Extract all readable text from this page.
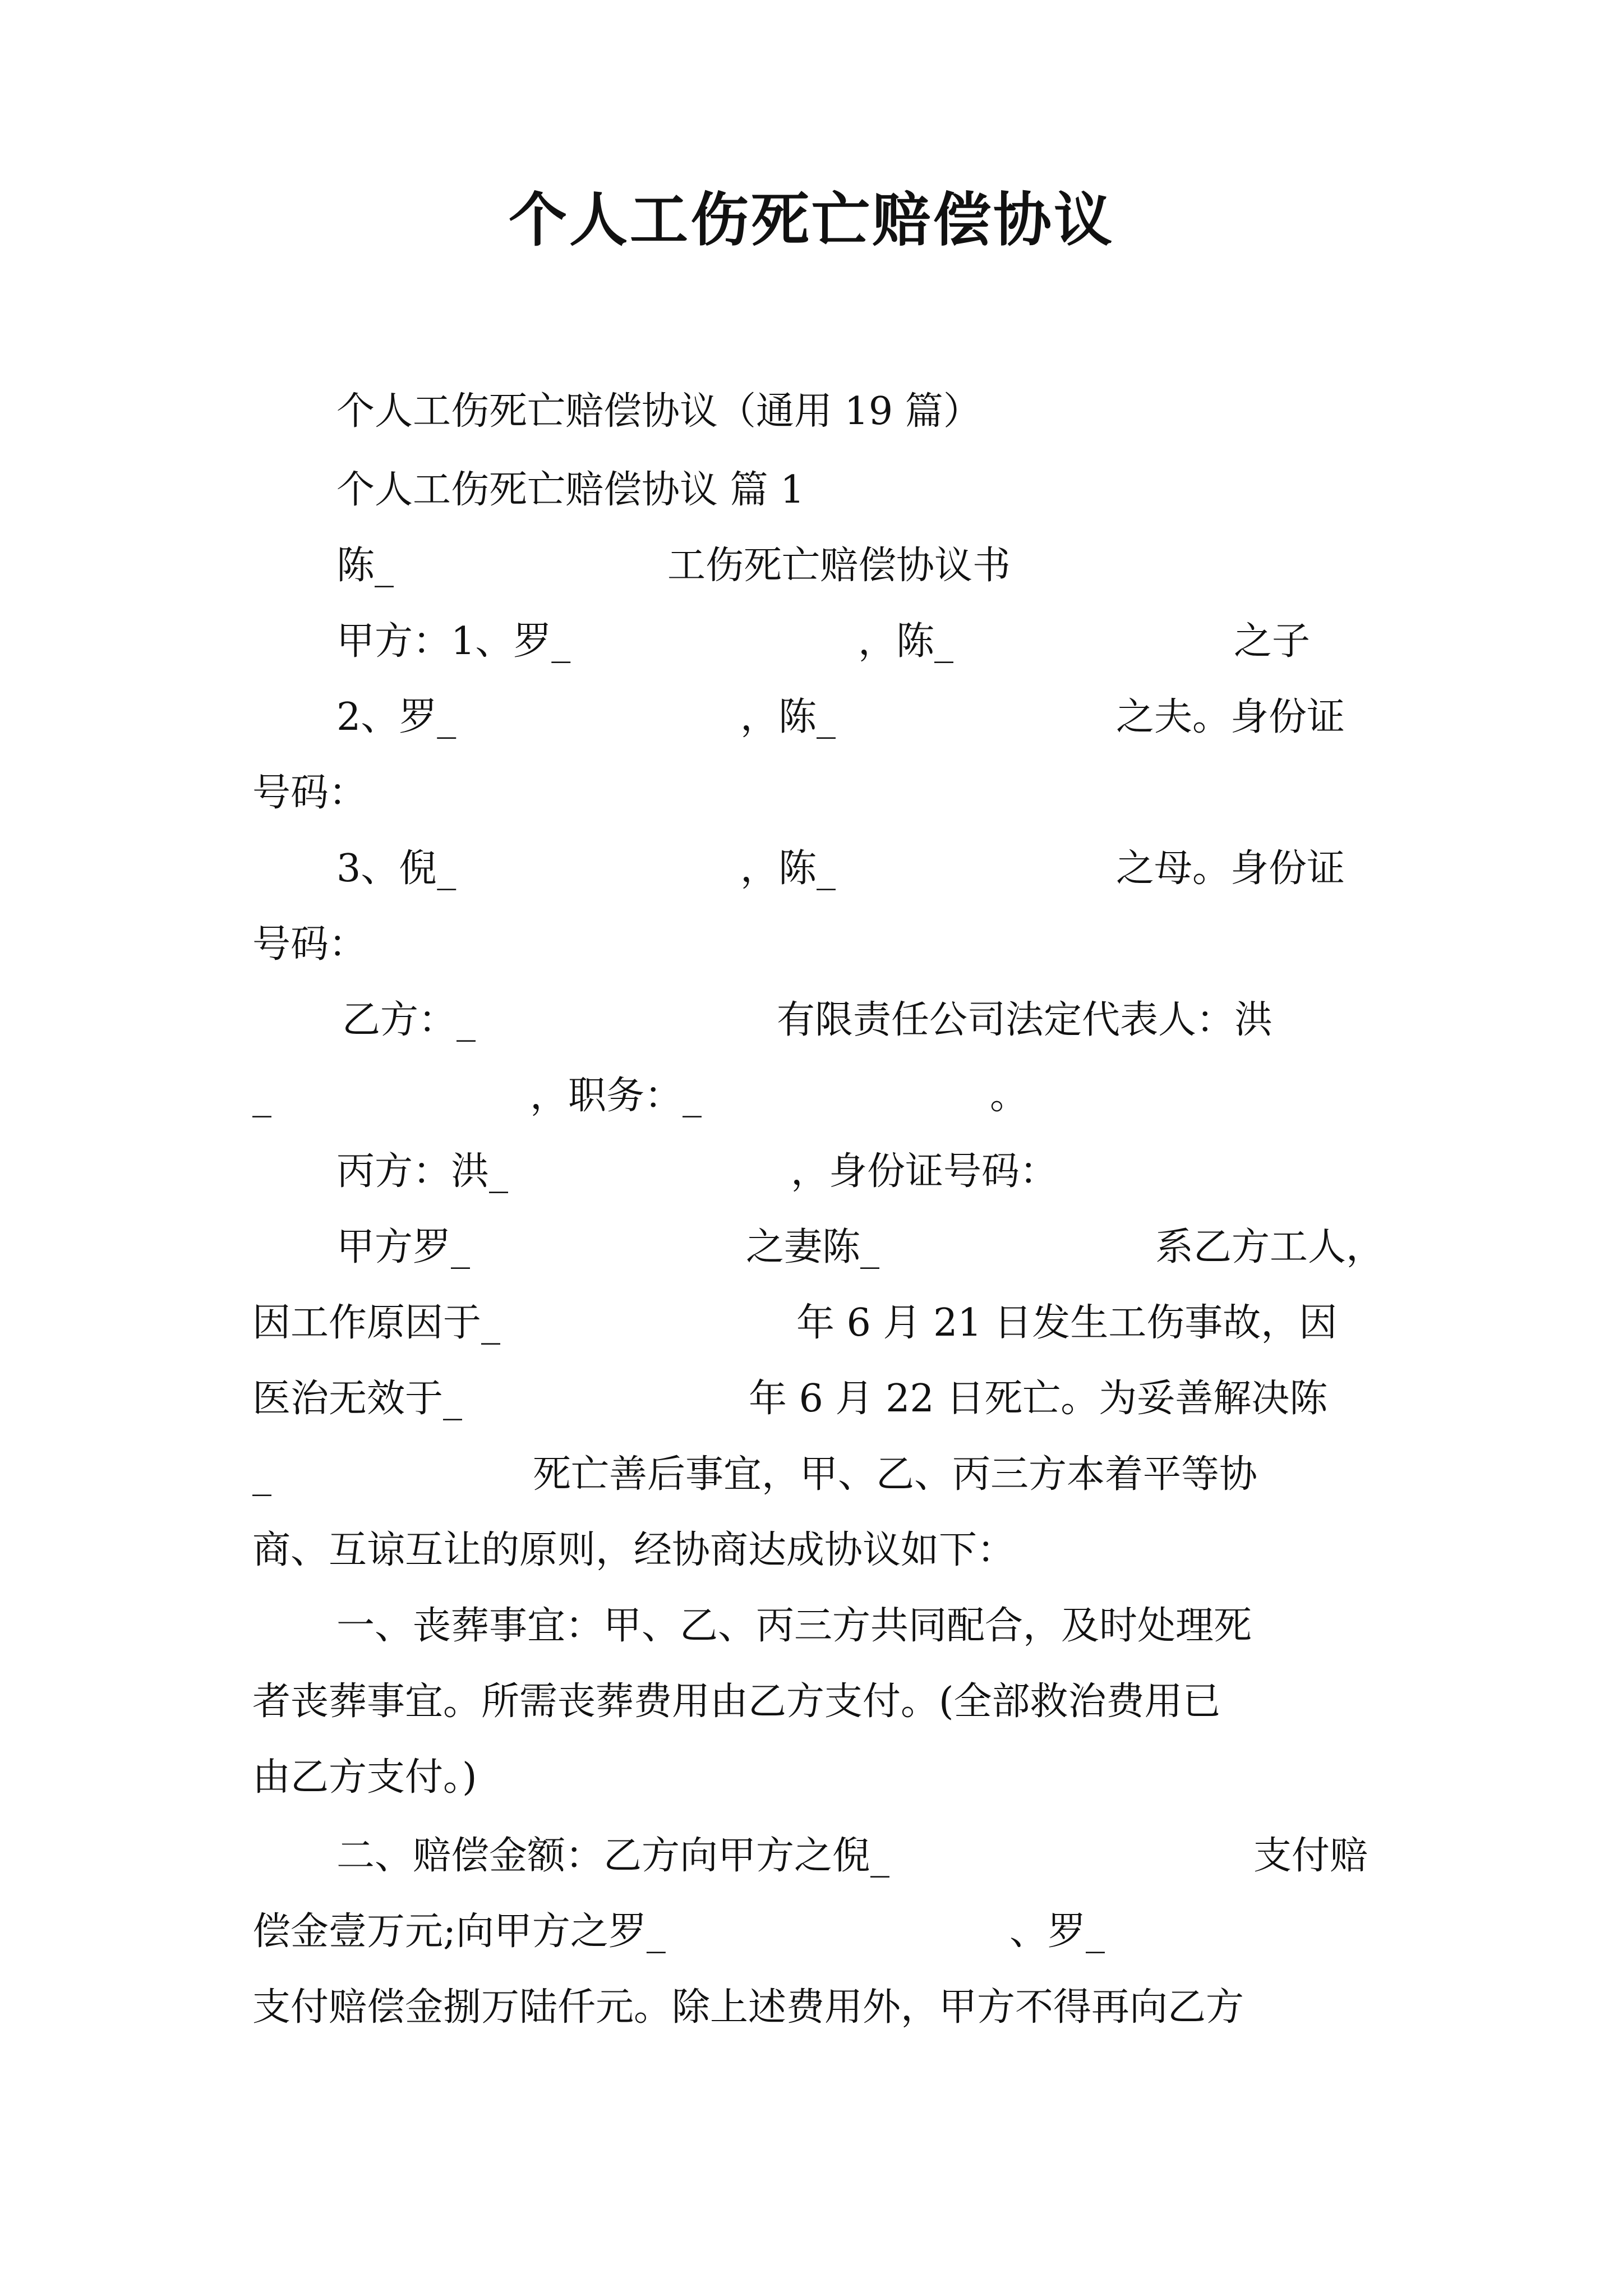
个人工伤死亡赔偿协议
个人工伤死亡赔偿协议（通用 19 篇）
个人工伤死亡赔偿协议 篇 1
陈_	工伤死亡赔偿协议书
甲方：1、罗_	，陈_	之子
2、罗_	，陈_	之夫。身份证
号码：
3、倪_	，陈_	之母。身份证
号码：
乙方：_	有限责任公司法定代表人：洪
_	，职务：_	。
丙方：洪_	，身份证号码：
甲方罗_	之妻陈_	系乙方工人，
因工作原因于_	年 6 月 21 日发生工伤事故，因
医治无效于_	年 6 月 22 日死亡。为妥善解决陈
_	死亡善后事宜，甲、乙、丙三方本着平等协
商、互谅互让的原则，经协商达成协议如下：
一、丧葬事宜：甲、乙、丙三方共同配合，及时处理死
者丧葬事宜。所需丧葬费用由乙方支付。(全部救治费用已
由乙方支付。)
二、赔偿金额：乙方向甲方之倪_	支付赔
偿金壹万元;向甲方之罗_	、罗_
支付赔偿金捌万陆仟元。除上述费用外，甲方不得再向乙方
